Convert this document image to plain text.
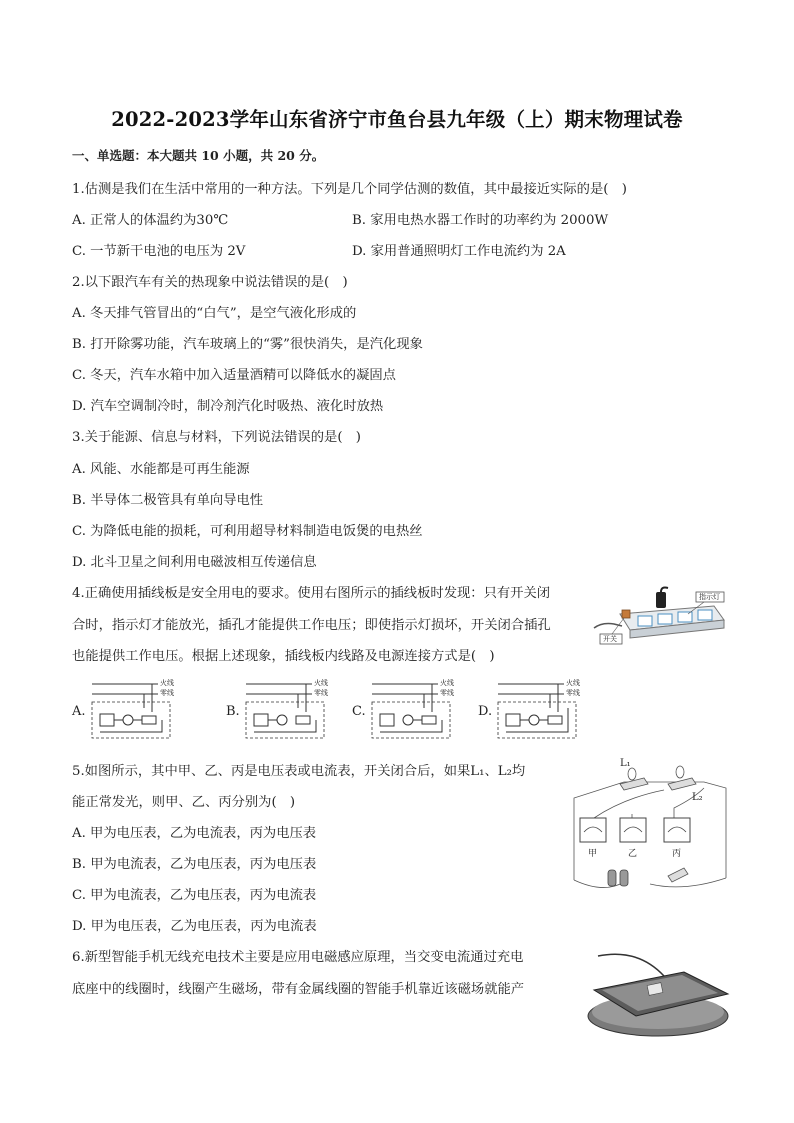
2022-2023学年山东省济宁市鱼台县九年级（上）期末物理试卷
一、单选题：本大题共 10 小题，共 20 分。
1.估测是我们在生活中常用的一种方法。下列是几个同学估测的数值，其中最接近实际的是(　)
A. 正常人的体温约为30℃	B. 家用电热水器工作时的功率约为 2000W
C. 一节新干电池的电压为 2V	D. 家用普通照明灯工作电流约为 2A
2.以下跟汽车有关的热现象中说法错误的是(　)
A. 冬天排气管冒出的“白气”，是空气液化形成的
B. 打开除雾功能，汽车玻璃上的“雾”很快消失，是汽化现象
C. 冬天，汽车水箱中加入适量酒精可以降低水的凝固点
D. 汽车空调制冷时，制冷剂汽化时吸热、液化时放热
3.关于能源、信息与材料，下列说法错误的是(　)
A. 风能、水能都是可再生能源
B. 半导体二极管具有单向导电性
C. 为降低电能的损耗，可利用超导材料制造电饭煲的电热丝
D. 北斗卫星之间利用电磁波相互传递信息
4.正确使用插线板是安全用电的要求。使用右图所示的插线板时发现：只有开关闭
合时，指示灯才能放光，插孔才能提供工作电压；即使指示灯损坏，开关闭合插孔
也能提供工作电压。根据上述现象，插线板内线路及电源连接方式是(　)
开关
指示灯
A.
火线
零线
B.
火线
零线
C.
火线
零线
D.
火线
零线
5.如图所示，其中甲、乙、丙是电压表或电流表，开关闭合后，如果L₁、L₂均
能正常发光，则甲、乙、丙分别为(　)
A. 甲为电压表，乙为电流表，丙为电压表
B. 甲为电流表，乙为电压表，丙为电压表
C. 甲为电流表，乙为电压表，丙为电流表
D. 甲为电压表，乙为电压表，丙为电流表
L₁
L₂
甲	乙	丙
6.新型智能手机无线充电技术主要是应用电磁感应原理，当交变电流通过充电
底座中的线圈时，线圈产生磁场，带有金属线圈的智能手机靠近该磁场就能产
